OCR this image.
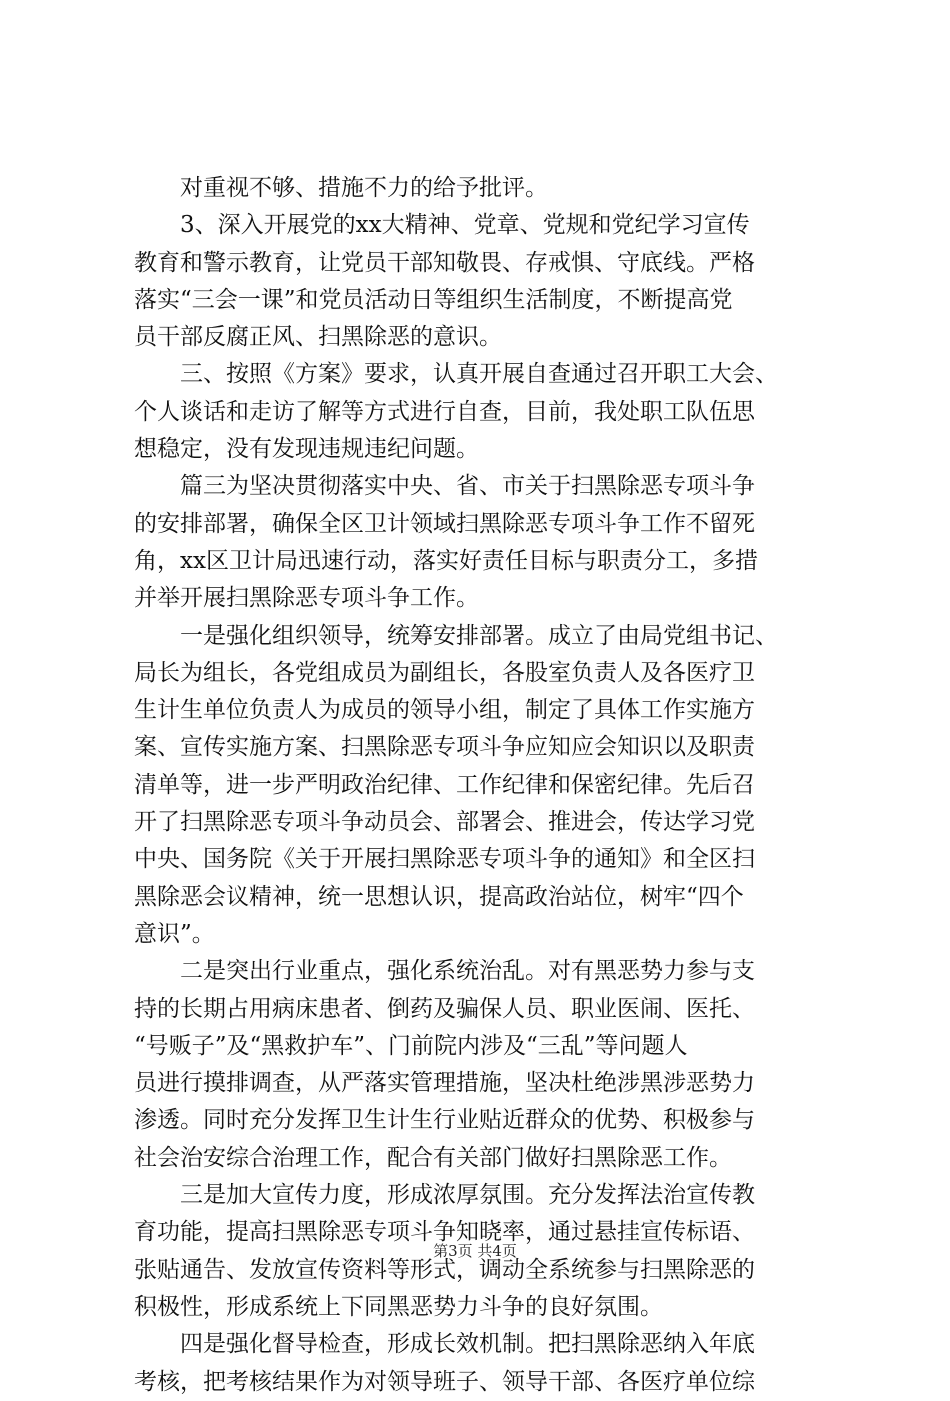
对重视不够、措施不力的给予批评。
3、深入开展党的xx大精神、党章、党规和党纪学习宣传
教育和警示教育，让党员干部知敬畏、存戒惧、守底线。严格
落实“三会一课”和党员活动日等组织生活制度，不断提高党
员干部反腐正风、扫黑除恶的意识。
三、按照《方案》要求，认真开展自查通过召开职工大会、
个人谈话和走访了解等方式进行自查，目前，我处职工队伍思
想稳定，没有发现违规违纪问题。
篇三为坚决贯彻落实中央、省、市关于扫黑除恶专项斗争
的安排部署，确保全区卫计领域扫黑除恶专项斗争工作不留死
角，xx区卫计局迅速行动，落实好责任目标与职责分工，多措
并举开展扫黑除恶专项斗争工作。
一是强化组织领导，统筹安排部署。成立了由局党组书记、
局长为组长，各党组成员为副组长，各股室负责人及各医疗卫
生计生单位负责人为成员的领导小组，制定了具体工作实施方
案、宣传实施方案、扫黑除恶专项斗争应知应会知识以及职责
清单等，进一步严明政治纪律、工作纪律和保密纪律。先后召
开了扫黑除恶专项斗争动员会、部署会、推进会，传达学习党
中央、国务院《关于开展扫黑除恶专项斗争的通知》和全区扫
黑除恶会议精神，统一思想认识，提高政治站位，树牢“四个
意识”。
二是突出行业重点，强化系统治乱。对有黑恶势力参与支
持的长期占用病床患者、倒药及骗保人员、职业医闹、医托、
“号贩子”及“黑救护车”、门前院内涉及“三乱”等问题人
员进行摸排调查，从严落实管理措施，坚决杜绝涉黑涉恶势力
渗透。同时充分发挥卫生计生行业贴近群众的优势、积极参与
社会治安综合治理工作，配合有关部门做好扫黑除恶工作。
三是加大宣传力度，形成浓厚氛围。充分发挥法治宣传教
育功能，提高扫黑除恶专项斗争知晓率，通过悬挂宣传标语、
张贴通告、发放宣传资料等形式，调动全系统参与扫黑除恶的
积极性，形成系统上下同黑恶势力斗争的良好氛围。
四是强化督导检查，形成长效机制。把扫黑除恶纳入年底
考核，把考核结果作为对领导班子、领导干部、各医疗单位综
第3页 共4页
